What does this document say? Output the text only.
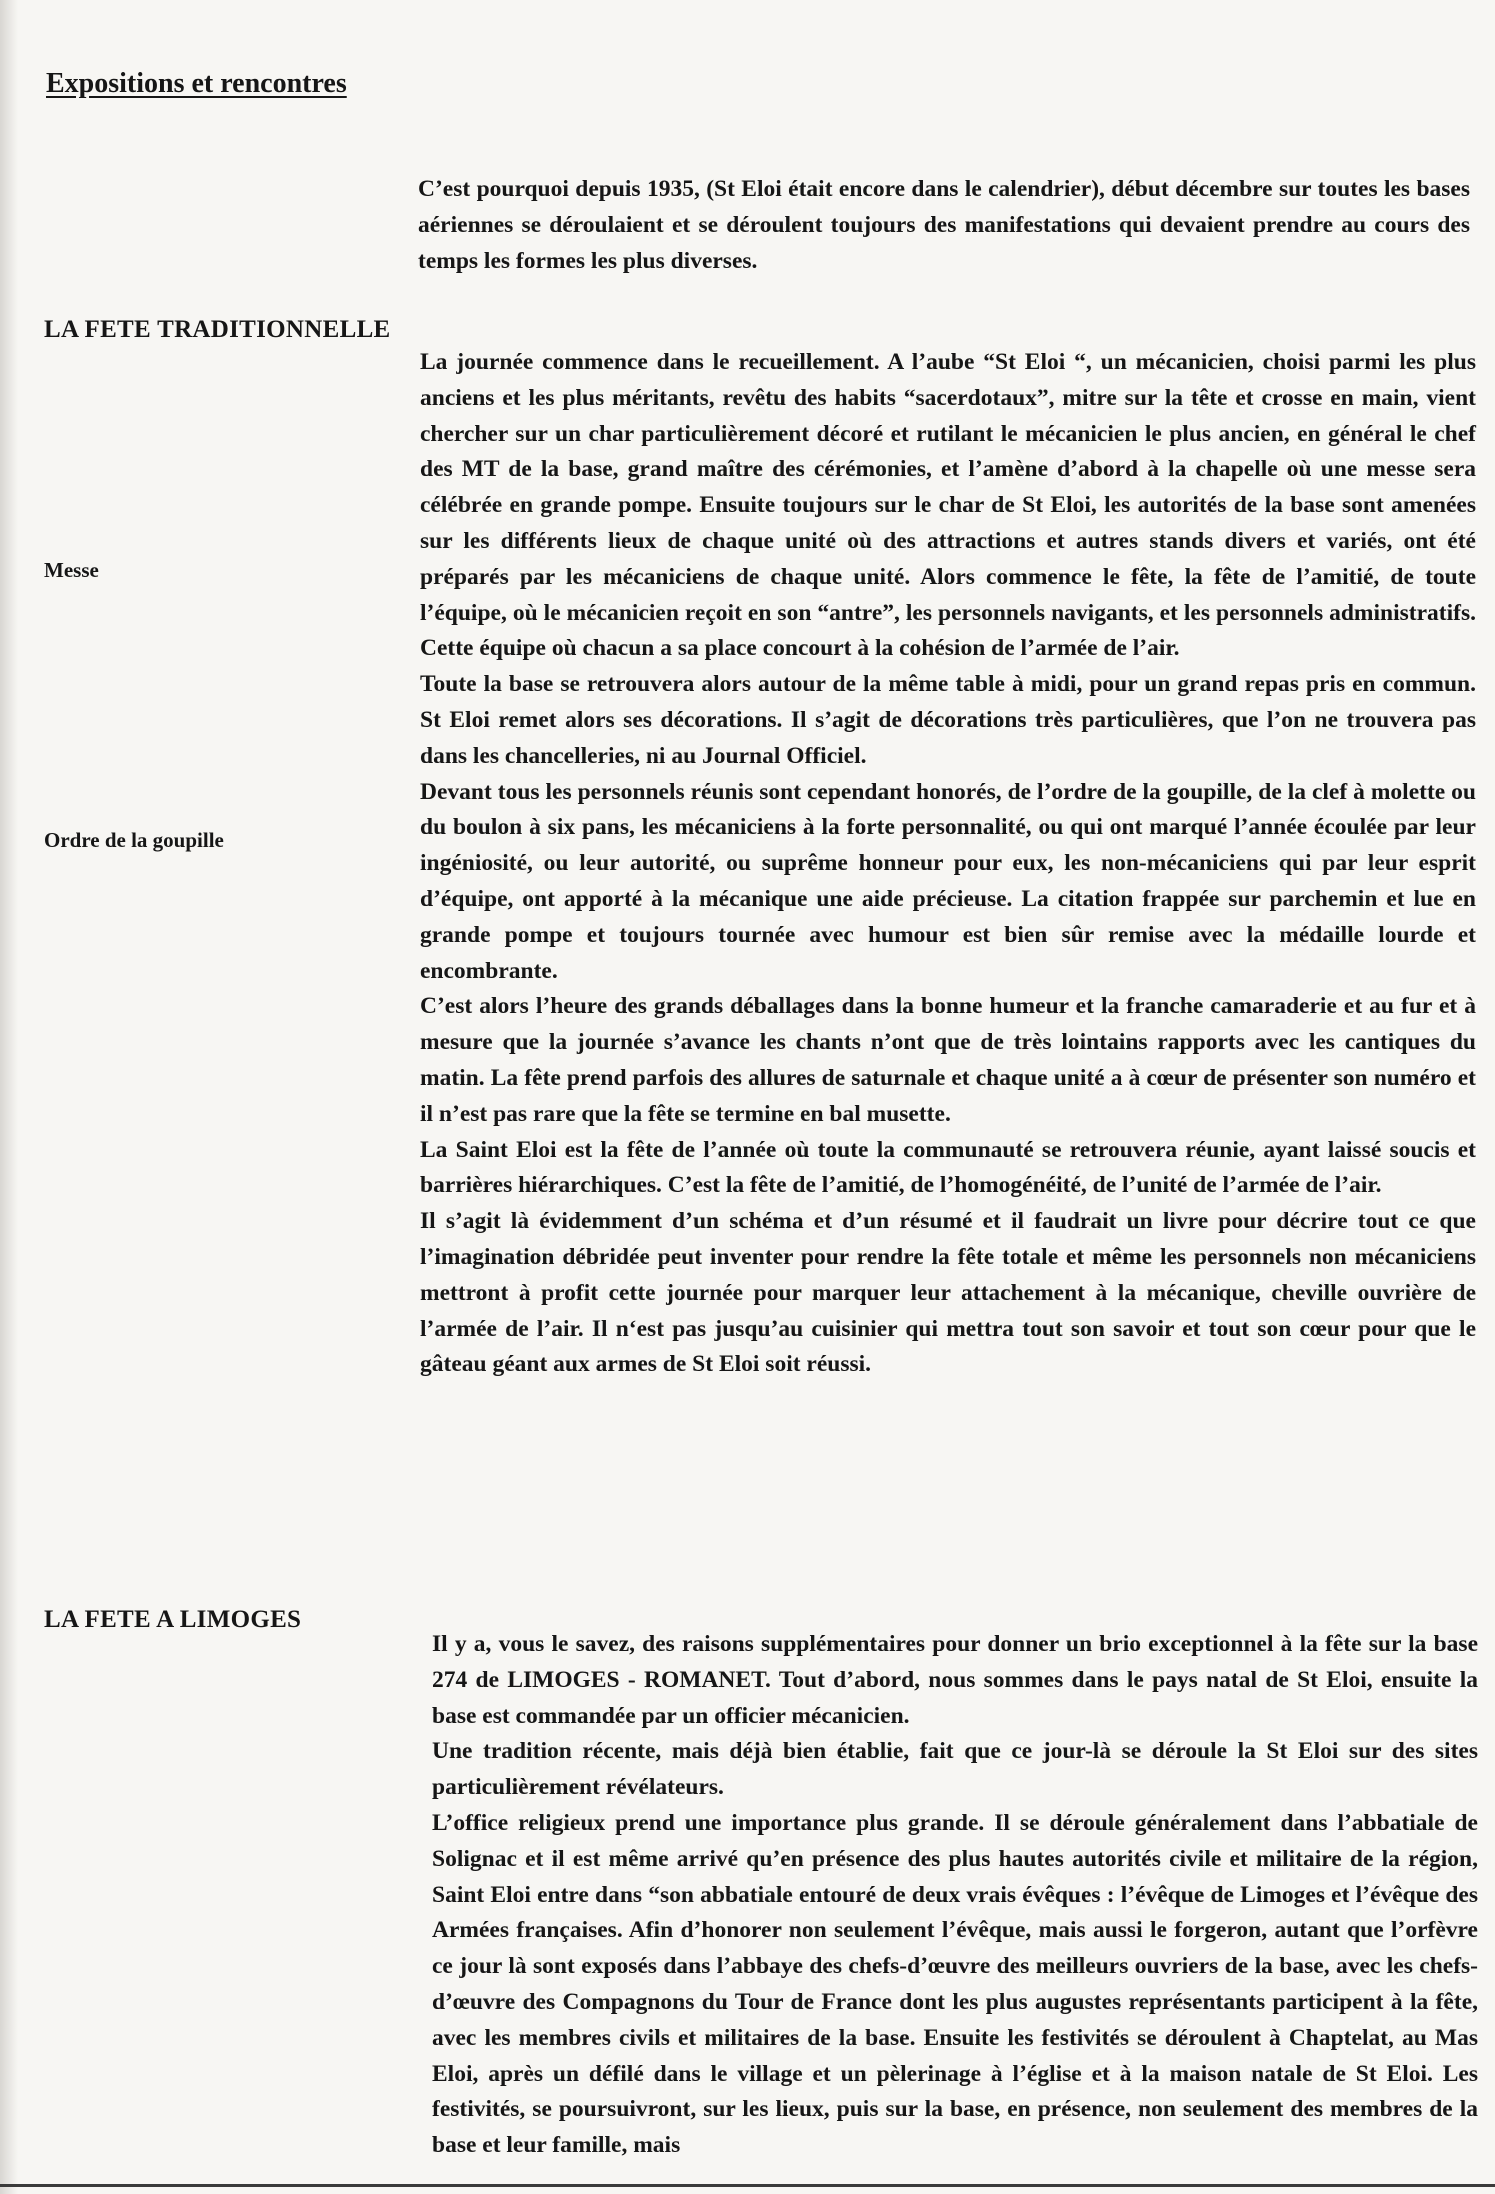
Expositions et rencontres

C’est pourquoi depuis 1935, (St Eloi était encore dans le calendrier), début décembre sur toutes les bases aériennes se déroulaient et se déroulent toujours des manifestations qui devaient prendre au cours des temps les formes les plus diverses.

LA FETE TRADITIONNELLE
Messe
Ordre de la goupille

La journée commence dans le recueillement. A l’aube “St Eloi “, un mécanicien, choisi parmi les plus anciens et les plus méritants, revêtu des habits “sacerdotaux”, mitre sur la tête et crosse en main, vient chercher sur un char particulièrement décoré et rutilant le mécanicien le plus ancien, en général le chef des MT de la base, grand maître des cérémonies, et l’amène d’abord à la chapelle où une messe sera célébrée en grande pompe. Ensuite toujours sur le char de St Eloi, les autorités de la base sont amenées sur les différents lieux de chaque unité où des attractions et autres stands divers et variés, ont été préparés par les mécaniciens de chaque unité. Alors commence le fête, la fête de l’amitié, de toute l’équipe, où le mécanicien reçoit en son “antre”, les personnels navigants, et les personnels administratifs. Cette équipe où chacun a sa place concourt à la cohésion de l’armée de l’air.

Toute la base se retrouvera alors autour de la même table à midi, pour un grand repas pris en commun. St Eloi remet alors ses décorations. Il s’agit de décorations très particulières, que l’on ne trouvera pas dans les chancelleries, ni au Journal Officiel.

Devant tous les personnels réunis sont cependant honorés, de l’ordre de la goupille, de la clef à molette ou du boulon à six pans, les mécaniciens à la forte personnalité, ou qui ont marqué l’année écoulée par leur ingéniosité, ou leur autorité, ou suprême honneur pour eux, les non-mécaniciens qui par leur esprit d’équipe, ont apporté à la mécanique une aide précieuse. La citation frappée sur parchemin et lue en grande pompe et toujours tournée avec humour est bien sûr remise avec la médaille lourde et encombrante.

C’est alors l’heure des grands déballages dans la bonne humeur et la franche camaraderie et au fur et à mesure que la journée s’avance les chants n’ont que de très lointains rapports avec les cantiques du matin. La fête prend parfois des allures de saturnale et chaque unité a à cœur de présenter son numéro et il n’est pas rare que la fête se termine en bal musette.

La Saint Eloi est la fête de l’année où toute la communauté se retrouvera réunie, ayant laissé soucis et barrières hiérarchiques. C’est la fête de l’amitié, de l’homogénéité, de l’unité de l’armée de l’air.

Il s’agit là évidemment d’un schéma et d’un résumé et il faudrait un livre pour décrire tout ce que l’imagination débridée peut inventer pour rendre la fête totale et même les personnels non mécaniciens mettront à profit cette journée pour marquer leur attachement à la mécanique, cheville ouvrière de l’armée de l’air. Il n‘est pas jusqu’au cuisinier qui mettra tout son savoir et tout son cœur pour que le gâteau géant aux armes de St Eloi soit réussi.

LA FETE A LIMOGES

Il y a, vous le savez, des raisons supplémentaires pour donner un brio exceptionnel à la fête sur la base 274 de LIMOGES - ROMANET. Tout d’abord, nous sommes dans le pays natal de St Eloi, ensuite la base est commandée par un officier mécanicien.

Une tradition récente, mais déjà bien établie, fait que ce jour-là se déroule la St Eloi sur des sites particulièrement révélateurs.

L’office religieux prend une importance plus grande. Il se déroule généralement dans l’abbatiale de Solignac et il est même arrivé qu’en présence des plus hautes autorités civile et militaire de la région, Saint Eloi entre dans “son abbatiale entouré de deux vrais évêques : l’évêque de Limoges et l’évêque des Armées françaises. Afin d’honorer non seulement l’évêque, mais aussi le forgeron, autant que l’orfèvre ce jour là sont exposés dans l’abbaye des chefs-d’œuvre des meilleurs ouvriers de la base, avec les chefs-d’œuvre des Compagnons du Tour de France dont les plus augustes représentants participent à la fête, avec les membres civils et militaires de la base. Ensuite les festivités se déroulent à Chaptelat, au Mas Eloi, après un défilé dans le village et un pèlerinage à l’église et à la maison natale de St Eloi. Les festivités, se poursuivront, sur les lieux, puis sur la base, en présence, non seulement des membres de la base et leur famille, mais
